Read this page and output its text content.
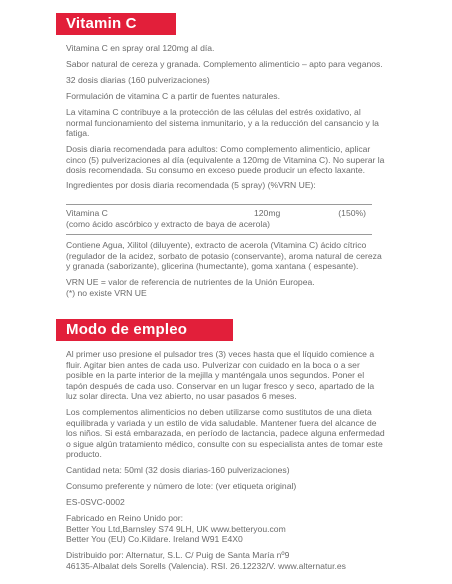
Vitamin C

Vitamina C en spray oral 120mg al día.

Sabor natural de cereza y granada. Complemento alimenticio – apto para veganos.

32 dosis diarias (160 pulverizaciones)

Formulación de vitamina C a partir de fuentes naturales.

La vitamina C contribuye a la protección de las células del estrés oxidativo, al normal funcionamiento del sistema inmunitario, y a la reducción del cansancio y la fatiga.

Dosis diaria recomendada para adultos: Como complemento alimenticio, aplicar cinco (5) pulverizaciones al día (equivalente a 120mg de Vitamina C). No superar la dosis recomendada. Su consumo en exceso puede producir un efecto laxante.

Ingredientes por dosis diaria recomendada (5 spray) (%VRN UE):

Vitamina C	120mg	(150%)
(como ácido ascórbico y extracto de baya de acerola)

Contiene Agua, Xilitol (diluyente), extracto de acerola (Vitamina C) ácido cítrico (regulador de la acidez, sorbato de potasio (conservante), aroma natural de cereza y granada (saborizante), glicerina (humectante), goma xantana ( espesante).

VRN UE = valor de referencia de nutrientes de la Unión Europea.

(*) no existe VRN UE

Modo de empleo

Al primer uso presione el pulsador tres (3) veces hasta que el líquido comience a fluir. Agitar bien antes de cada uso. Pulverizar con cuidado en la boca o a ser posible en la parte interior de la mejilla y manténgala unos segundos. Poner el tapón después de cada uso. Conservar en un lugar fresco y seco, apartado de la luz solar directa. Una vez abierto, no usar pasados 6 meses.

Los complementos alimenticios no deben utilizarse como sustitutos de una dieta equilibrada y variada y un estilo de vida saludable. Mantener fuera del alcance de los niños. Si está embarazada, en período de lactancia, padece alguna enfermedad o sigue algún tratamiento médico, consulte con su especialista antes de tomar este producto.

Cantidad neta: 50ml (32 dosis diarias-160 pulverizaciones)

Consumo preferente y número de lote: (ver etiqueta original)

ES-0SVC-0002

Fabricado en Reino Unido por:
Better You Ltd,Barnsley S74 9LH, UK www.betteryou.com
Better You (EU) Co.Kildare. Ireland W91 E4X0

Distribuido por: Alternatur, S.L. C/ Puig de Santa María nº9
46135-Albalat dels Sorells (Valencia). RSI. 26.12232/V. www.alternatur.es
